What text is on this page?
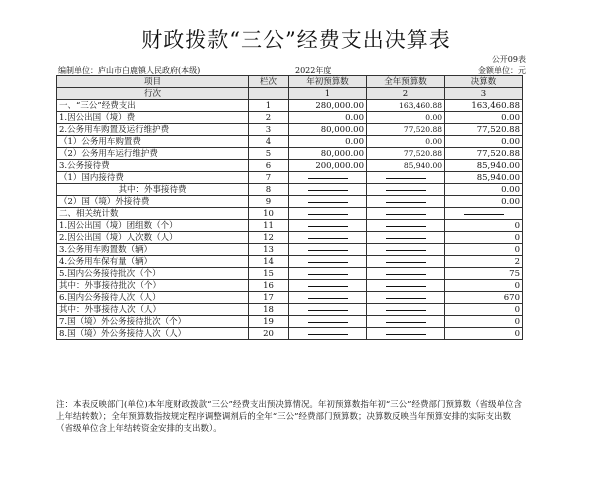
财政拨款“三公”经费支出决算表
公开09表
编制单位：庐山市白鹿镇人民政府(本级)	2022年度	金额单位：元
项目	栏次	年初预算数	全年预算数	决算数
行次		1	2	3
一、“三公”经费支出	1	280,000.00	163,460.88	163,460.88
1.因公出国（境）费	2	0.00	0.00	0.00
2.公务用车购置及运行维护费	3	80,000.00	77,520.88	77,520.88
（1）公务用车购置费	4	0.00	0.00	0.00
（2）公务用车运行维护费	5	80,000.00	77,520.88	77,520.88
3.公务接待费	6	200,000.00	85,940.00	85,940.00
（1）国内接待费	7			85,940.00
其中：外事接待费	8			0.00
（2）国（境）外接待费	9			0.00
二、相关统计数	10	

1.因公出国（境）团组数（个）	11			0
2.因公出国（境）人次数（人）	12			0
3.公务用车购置数（辆）	13			0
4.公务用车保有量（辆）	14			2
5.国内公务接待批次（个）	15			75
其中：外事接待批次（个）	16			0
6.国内公务接待人次（人）	17			670
其中：外事接待人次（人）	18			0
7.国（境）外公务接待批次（个）	19			0
8.国（境）外公务接待人次（人）	20			0
注：本表反映部门(单位)本年度财政拨款“三公”经费支出预决算情况。年初预算数指年初“三公”经费部门预算数（省级单位含上年结转数）；全年预算数指按规定程序调整调剂后的全年“三公”经费部门预算数；决算数反映当年预算安排的实际支出数（省级单位含上年结转资金安排的支出数）。
